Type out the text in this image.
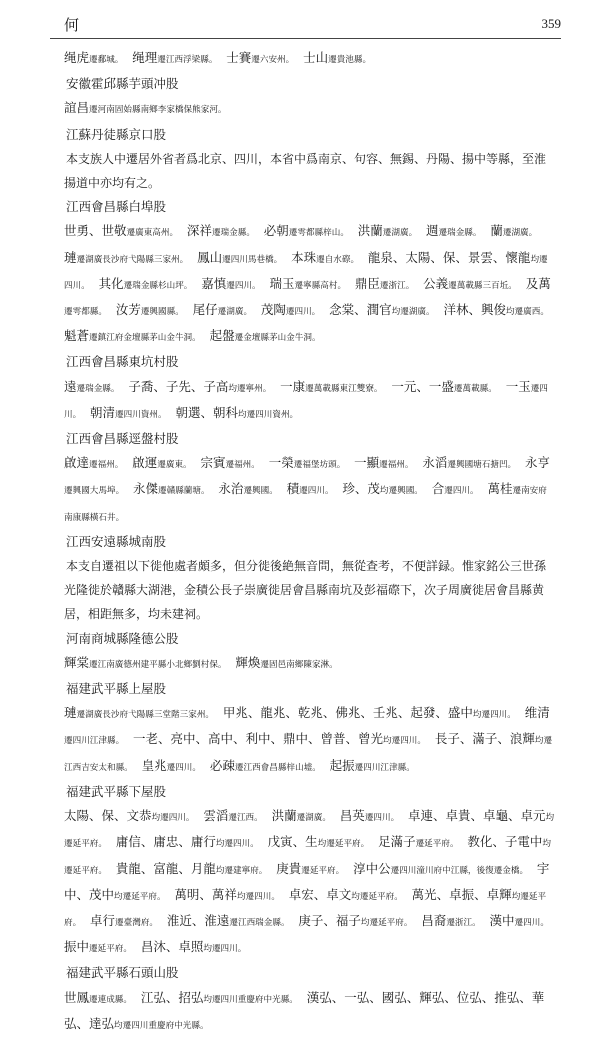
何	359
绳虎遷鄱城。 绳理遷江西浮梁縣。 士賽遷六安州。 士山遷貴池縣。
安徽霍邱縣芋頭冲股
誼昌遷河南固始縣南鄉李家橋保熊家河。
江蘇丹徒縣京口股
本支族人中遷居外省者爲北京、四川，本省中爲南京、句容、無錫、丹陽、揚中等縣，至淮揚道中亦均有之。
江西會昌縣白埠股
世勇、世敬遷廣東高州。 深祥遷瑞金縣。 必朝遷雩都縣梓山。 洪蘭遷湖廣。 週遷瑞金縣。 蘭遷湖廣。 璉遷湖廣長沙府弋陽縣三家州。 鳳山遷四川馬巷橋。 本珠遷自水磜。 龍泉、太陽、保、景雲、懷龍均遷四川。 其化遷瑞金縣杉山坪。 嘉慎遷四川。 瑞玉遷寧縣高村。 鼎臣遷浙江。 公義遷萬載縣三百坵。 及萬遷雩都縣。 汝芳遷興國縣。 尾仔遷湖廣。 茂陶遷四川。 念棠、潤官均遷湖廣。 洋林、興俊均遷廣西。 魁蒼遷鎮江府金壇縣茅山金牛洞。 起盤遷金壇縣茅山金牛洞。
江西會昌縣東坑村股
遠遷瑞金縣。 子喬、子先、子高均遷寧州。 一康遷萬載縣東江雙寮。 一元、一盛遷萬載縣。 一玉遷四川。 朝清遷四川資州。 朝選、朝科均遷四川資州。
江西會昌縣逕盤村股
啟達遷福州。 啟運遷廣東。 宗賓遷福州。 一榮遷福堡坊頭。 一顯遷福州。 永滔遷興國塘石搪凹。 永亨遷興國大馬埠。 永傑遷贛縣蘭塘。 永治遷興國。 積遷四川。 珍、茂均遷興國。 合遷四川。 萬桂遷南安府南康縣橫石井。
江西安遠縣城南股
本支自遷祖以下徙他處者頗多，但分徙後絶無音問，無從查考，不便詳録。惟家銘公三世孫光隆徙於贛縣大湖港，金積公長子崇廣徙居會昌縣南坑及彭福磜下，次子周廣徙居會昌縣黄居，相距無多，均未建祠。
河南商城縣隆德公股
輝棠遷江南廣德州建平縣小北鄉劉村保。 輝煥遷固邑南鄉陳家淋。
福建武平縣上屋股
璉遷湖廣長沙府弋陽縣三堂階三家州。 甲兆、龍兆、乾兆、佛兆、壬兆、起發、盛中均遷四川。 维清遷四川江津縣。 一老、亮中、高中、利中、鼎中、曾普、曾光均遷四川。 長子、滿子、浪輝均遷江西吉安太和縣。 皇兆遷四川。 必疎遷江西會昌縣梓山墟。 起振遷四川江津縣。
福建武平縣下屋股
太陽、保、文恭均遷四川。 雲滔遷江西。 洪蘭遷湖廣。 昌英遷四川。 卓連、卓貴、卓龜、卓元均遷延平府。 庸信、庸忠、庸行均遷四川。 戊寅、生均遷延平府。 足滿子遷延平府。 教化、子電中均遷延平府。 貴龍、富龍、月龍均遷建寧府。 庚貴遷延平府。 淳中公遷四川潼川府中江縣，後復遷金橋。 宇中、茂中均遷延平府。 萬明、萬祥均遷四川。 卓宏、卓文均遷延平府。 萬光、卓振、卓輝均遷延平府。 卓行遷臺灣府。 淮近、淮遠遷江西瑞金縣。 庚子、福子均遷延平府。 昌裔遷浙江。 漢中遷四川。 振中遷延平府。 昌沐、卓照均遷四川。
福建武平縣石頭山股
世鳳遷連成縣。 江弘、招弘均遷四川重慶府中光縣。 漢弘、一弘、國弘、輝弘、位弘、推弘、華弘、達弘均遷四川重慶府中光縣。
